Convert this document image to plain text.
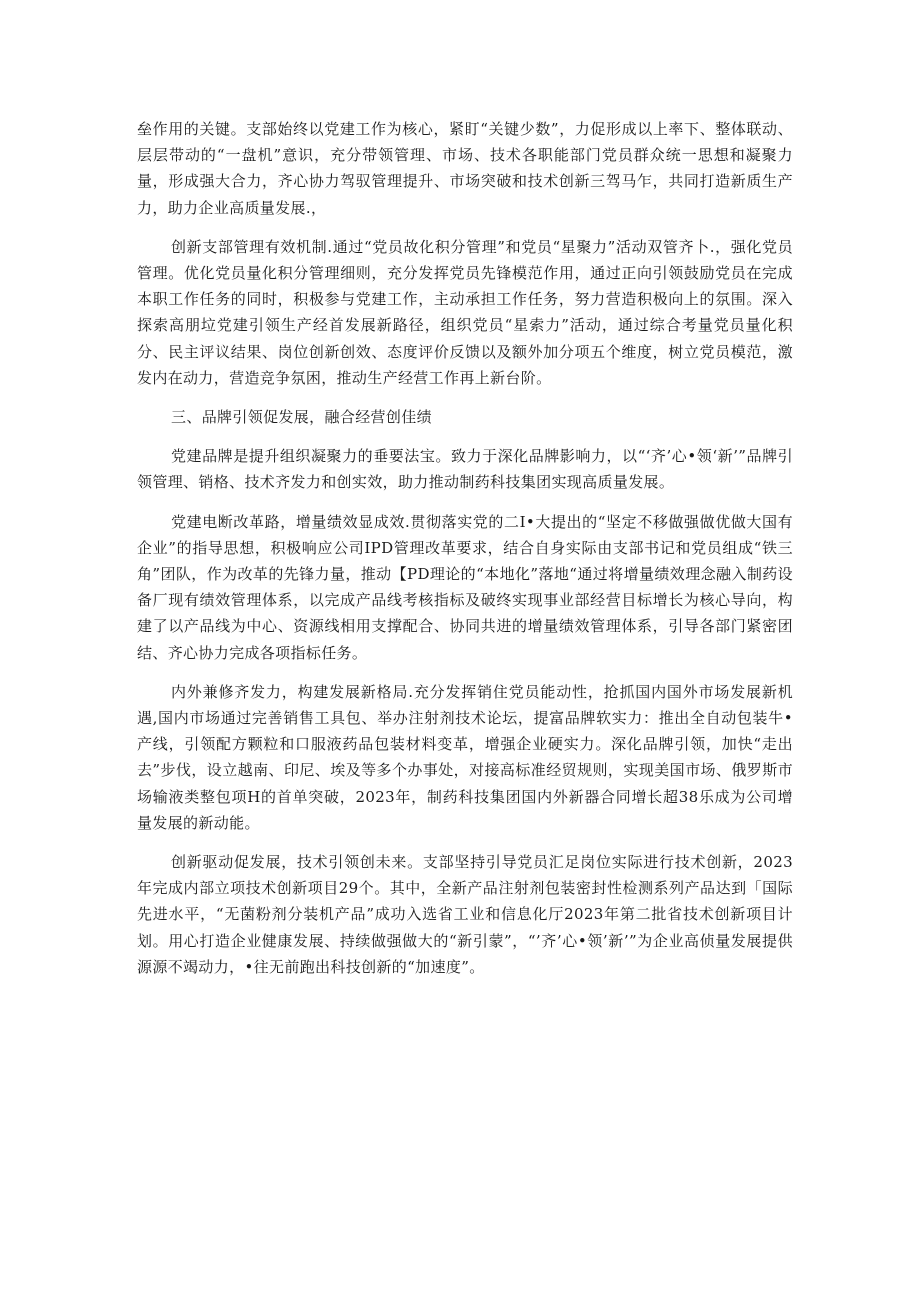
垒作用的关键。支部始终以党建工作为核心，紧盯“关键少数”，力促形成以上率下、整体联动、层层带动的“一盘机”意识，充分带领管理、市场、技术各职能部门党员群众统一思想和凝聚力量，形成强大合力，齐心协力驾驭管理提升、市场突破和技术创新三驾马乍，共同打造新质生产力，助力企业高质量发展.，

创新支部管理有效机制.通过“党员故化积分管理”和党员“星聚力”活动双管齐卜.，强化党员管理。优化党员量化积分管理细则，充分发挥党员先锋模范作用，通过正向引领鼓励党员在完成本职工作任务的同时，积极参与党建工作，主动承担工作任务，努力营造积极向上的氛围。深入探索高朋垃党建引领生产经首发展新路径，组织党员“星索力”活动，通过综合考量党员量化积分、民主评议结果、岗位创新创效、态度评价反馈以及额外加分项五个维度，树立党员模范，激发内在动力，营造竞争氛困，推动生产经营工作再上新台阶。

三、品牌引领促发展，融合经营创佳绩

党建品牌是提升组织凝聚力的垂要法宝。致力于深化品牌影响力，以“‘齐’心•领‘新’”品牌引领管理、销格、技术齐发力和创实效，助力推动制药科技集团实现高质量发展。

党建电断改革路，增量绩效显成效.贯彻落实党的二I•大提出的“坚定不移做强做优做大国有企业”的指导思想，积极响应公司IPD管理改革要求，结合自身实际由支部书记和党员组成“铁三角”团队，作为改革的先锋力量，推动【PD理论的“本地化”落地“通过将增量绩效理念融入制药设备厂现有绩效管理体系，以完成产品线考核指标及破终实现事业部经营目标增长为核心导向，构建了以产品线为中心、资源线相用支撑配合、协同共进的增量绩效管理体系，引导各部门紧密团结、齐心协力完成各项指标任务。

内外兼修齐发力，构建发展新格局.充分发挥销住党员能动性，抢抓国内国外市场发展新机遇,国内市场通过完善销售工具包、举办注射剂技术论坛，提富品牌软实力：推出全自动包装牛•产线，引领配方颗粒和口服液药品包装材料变革，增强企业硬实力。深化品牌引领，加快“走出去”步伐，设立越南、印尼、埃及等多个办事处，对接高标准经贸规则，实现美国市场、俄罗斯市场输液类整包项H的首单突破，2023年，制药科技集团国内外新器合同增长超38乐成为公司增量发展的新动能。

创新驱动促发展，技术引领创未来。支部坚持引导党员汇足岗位实际进行技术创新，2023年完成内部立项技术创新项目29个。其中，全新产品注射剂包装密封性检测系列产品达到「国际先进水平，“无菌粉剂分装机产品”成功入选省工业和信息化厅2023年第二批省技术创新项目计划。用心打造企业健康发展、持续做强做大的“新引蒙”，“’齐’心•领’新’”为企业高侦量发展提供源源不竭动力，•往无前跑出科技创新的“加速度”。
